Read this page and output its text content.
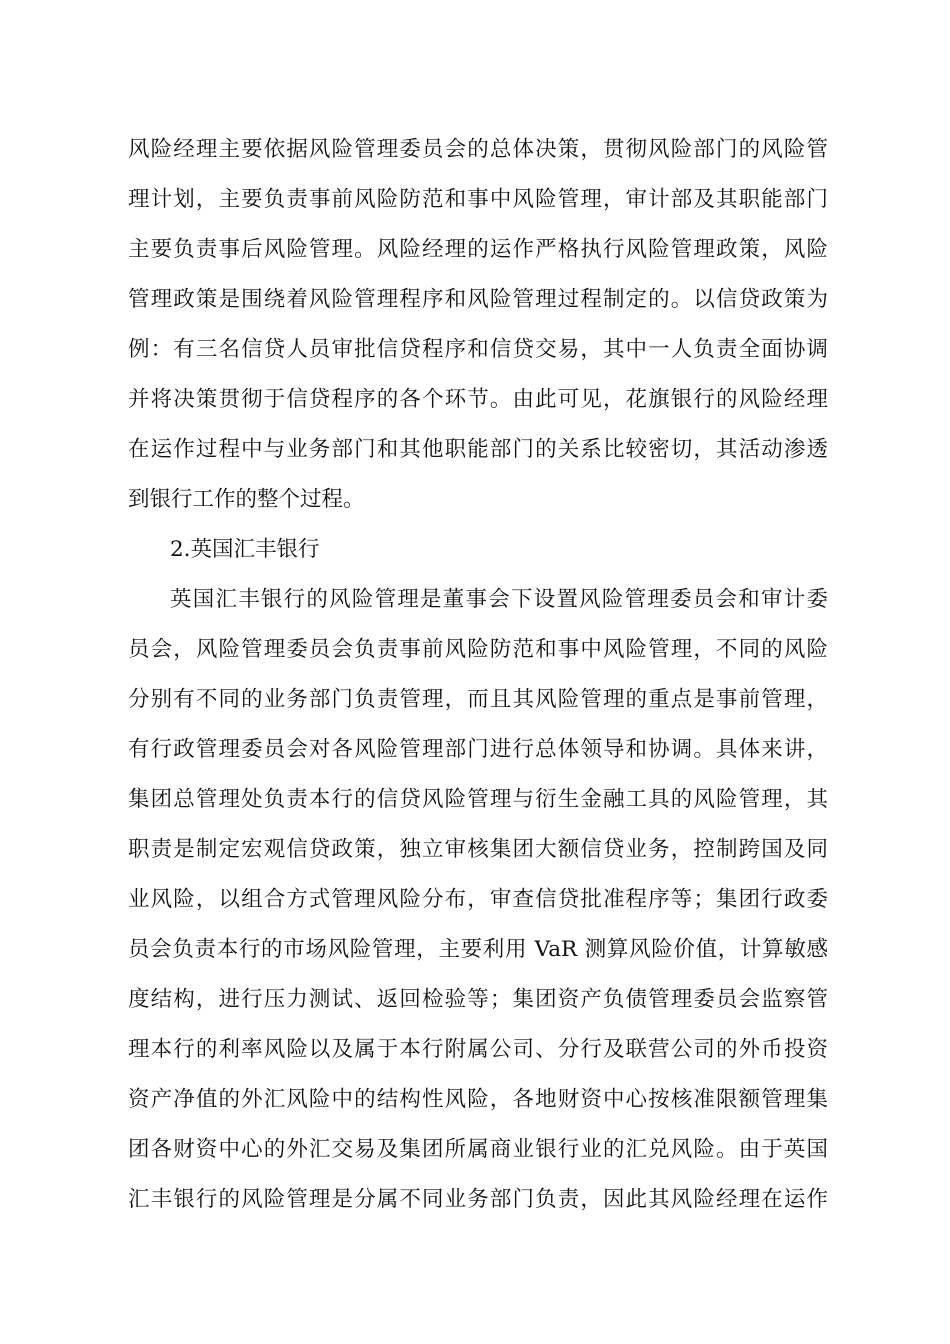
风险经理主要依据风险管理委员会的总体决策，贯彻风险部门的风险管
理计划，主要负责事前风险防范和事中风险管理，审计部及其职能部门
主要负责事后风险管理。风险经理的运作严格执行风险管理政策，风险
管理政策是围绕着风险管理程序和风险管理过程制定的。以信贷政策为
例：有三名信贷人员审批信贷程序和信贷交易，其中一人负责全面协调
并将决策贯彻于信贷程序的各个环节。由此可见，花旗银行的风险经理
在运作过程中与业务部门和其他职能部门的关系比较密切，其活动渗透
到银行工作的整个过程。
2.英国汇丰银行
英国汇丰银行的风险管理是董事会下设置风险管理委员会和审计委
员会，风险管理委员会负责事前风险防范和事中风险管理，不同的风险
分别有不同的业务部门负责管理，而且其风险管理的重点是事前管理，
有行政管理委员会对各风险管理部门进行总体领导和协调。具体来讲，
集团总管理处负责本行的信贷风险管理与衍生金融工具的风险管理，其
职责是制定宏观信贷政策，独立审核集团大额信贷业务，控制跨国及同
业风险，以组合方式管理风险分布，审查信贷批准程序等；集团行政委
员会负责本行的市场风险管理，主要利用 VaR 测算风险价值，计算敏感
度结构，进行压力测试、返回检验等；集团资产负债管理委员会监察管
理本行的利率风险以及属于本行附属公司、分行及联营公司的外币投资
资产净值的外汇风险中的结构性风险，各地财资中心按核准限额管理集
团各财资中心的外汇交易及集团所属商业银行业的汇兑风险。由于英国
汇丰银行的风险管理是分属不同业务部门负责，因此其风险经理在运作
